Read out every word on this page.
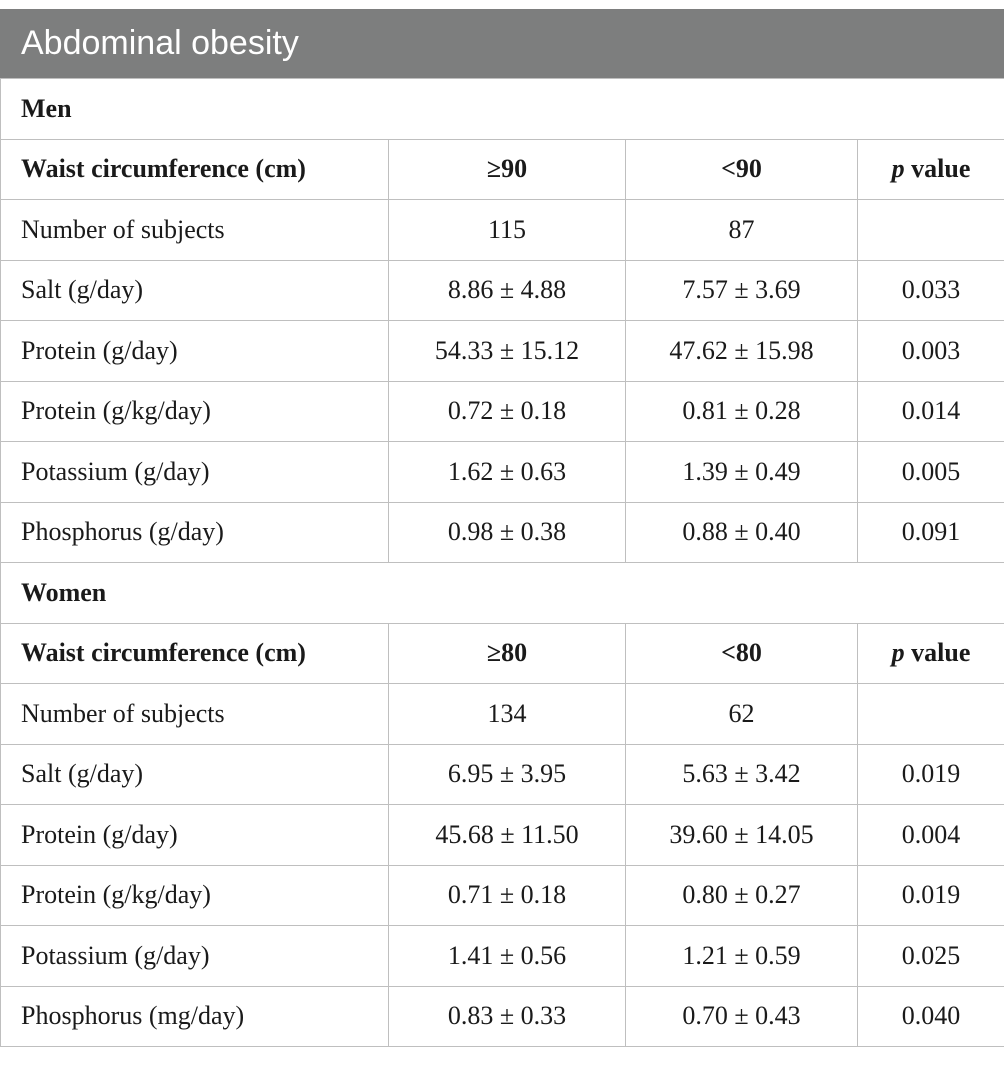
Abdominal obesity
Men			
Waist circumference (cm)	≥90	<90	p value
Number of subjects	115	87	
Salt (g/day)	8.86 ± 4.88	7.57 ± 3.69	0.033
Protein (g/day)	54.33 ± 15.12	47.62 ± 15.98	0.003
Protein (g/kg/day)	0.72 ± 0.18	0.81 ± 0.28	0.014
Potassium (g/day)	1.62 ± 0.63	1.39 ± 0.49	0.005
Phosphorus (g/day)	0.98 ± 0.38	0.88 ± 0.40	0.091
Women			
Waist circumference (cm)	≥80	<80	p value
Number of subjects	134	62	
Salt (g/day)	6.95 ± 3.95	5.63 ± 3.42	0.019
Protein (g/day)	45.68 ± 11.50	39.60 ± 14.05	0.004
Protein (g/kg/day)	0.71 ± 0.18	0.80 ± 0.27	0.019
Potassium (g/day)	1.41 ± 0.56	1.21 ± 0.59	0.025
Phosphorus (mg/day)	0.83 ± 0.33	0.70 ± 0.43	0.040
